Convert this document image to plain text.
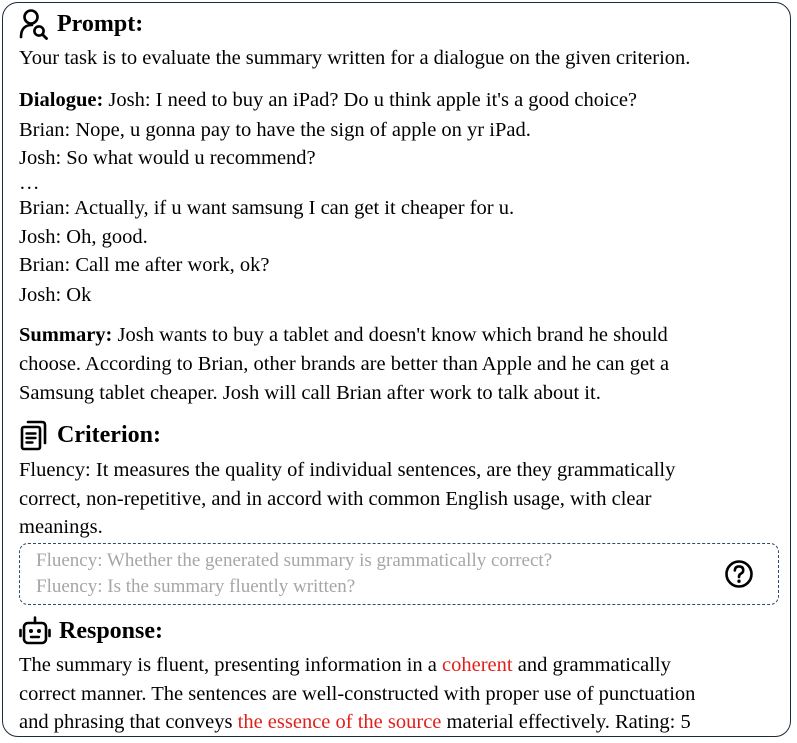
Prompt:
Your task is to evaluate the summary written for a dialogue on the given criterion.
Dialogue: Josh: I need to buy an iPad? Do u think apple it's a good choice?
Brian: Nope, u gonna pay to have the sign of apple on yr iPad.
Josh: So what would u recommend?
…
Brian: Actually, if u want samsung I can get it cheaper for u.
Josh: Oh, good.
Brian: Call me after work, ok?
Josh: Ok
Summary: Josh wants to buy a tablet and doesn't know which brand he should
choose. According to Brian, other brands are better than Apple and he can get a
Samsung tablet cheaper. Josh will call Brian after work to talk about it.
Criterion:
Fluency: It measures the quality of individual sentences, are they grammatically
correct, non-repetitive, and in accord with common English usage, with clear
meanings.
Fluency: Whether the generated summary is grammatically correct?
Fluency: Is the summary fluently written?
Response:
The summary is fluent, presenting information in a coherent and grammatically
correct manner. The sentences are well-constructed with proper use of punctuation
and phrasing that conveys the essence of the source material effectively. Rating: 5
